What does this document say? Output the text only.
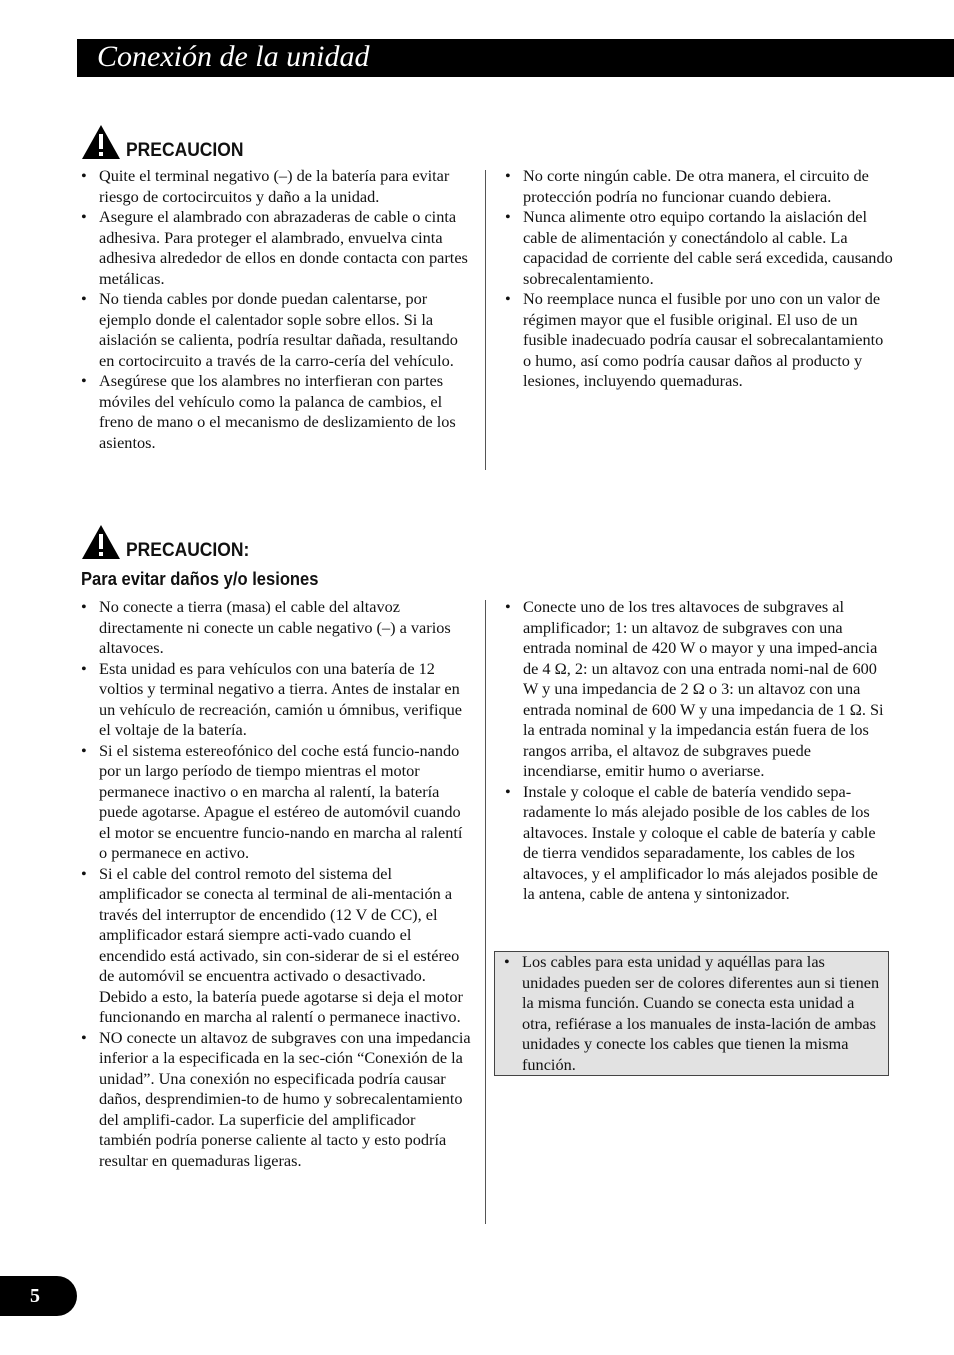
Conexión de la unidad
PRECAUCION
• Quite el terminal negativo (–) de la batería para evitar riesgo de cortocircuitos y daño a la unidad.
• Asegure el alambrado con abrazaderas de cable o cinta adhesiva. Para proteger el alambrado, envuelva cinta adhesiva alrededor de ellos en donde contacta con partes metálicas.
• No tienda cables por donde puedan calentarse, por ejemplo donde el calentador sople sobre ellos. Si la aislación se calienta, podría resultar dañada, resultando en cortocircuito a través de la carro-cería del vehículo.
• Asegúrese que los alambres no interfieran con partes móviles del vehículo como la palanca de cambios, el freno de mano o el mecanismo de deslizamiento de los asientos.
• No corte ningún cable. De otra manera, el circuito de protección podría no funcionar cuando debiera.
• Nunca alimente otro equipo cortando la aislación del cable de alimentación y conectándolo al cable. La capacidad de corriente del cable será excedida, causando sobrecalentamiento.
• No reemplace nunca el fusible por uno con un valor de régimen mayor que el fusible original. El uso de un fusible inadecuado podría causar el sobrecalantamiento o humo, así como podría causar daños al producto y lesiones, incluyendo quemaduras.
PRECAUCION:
Para evitar daños y/o lesiones
• No conecte a tierra (masa) el cable del altavoz directamente ni conecte un cable negativo (–) a varios altavoces.
• Esta unidad es para vehículos con una batería de 12 voltios y terminal negativo a tierra. Antes de instalar en un vehículo de recreación, camión u ómnibus, verifique el voltaje de la batería.
• Si el sistema estereofónico del coche está funcio-nando por un largo período de tiempo mientras el motor permanece inactivo o en marcha al ralentí, la batería puede agotarse. Apague el estéreo de automóvil cuando el motor se encuentre funcio-nando en marcha al ralentí o permanece en activo.
• Si el cable del control remoto del sistema del amplificador se conecta al terminal de ali-mentación a través del interruptor de encendido (12 V de CC), el amplificador estará siempre acti-vado cuando el encendido está activado, sin con-siderar de si el estéreo de automóvil se encuentra activado o desactivado. Debido a esto, la batería puede agotarse si deja el motor funcionando en marcha al ralentí o permanece inactivo.
• NO conecte un altavoz de subgraves con una impedancia inferior a la especificada en la sec-ción “Conexión de la unidad”. Una conexión no especificada podría causar daños, desprendimien-to de humo y sobrecalentamiento del amplifi-cador. La superficie del amplificador también podría ponerse caliente al tacto y esto podría resultar en quemaduras ligeras.
• Conecte uno de los tres altavoces de subgraves al amplificador; 1: un altavoz de subgraves con una entrada nominal de 420 W o mayor y una imped-ancia de 4 Ω, 2: un altavoz con una entrada nomi-nal de 600 W y una impedancia de 2 Ω o 3: un altavoz con una entrada nominal de 600 W y una impedancia de 1 Ω. Si la entrada nominal y la impedancia están fuera de los rangos arriba, el altavoz de subgraves puede incendiarse, emitir humo o averiarse.
• Instale y coloque el cable de batería vendido sepa-radamente lo más alejado posible de los cables de los altavoces. Instale y coloque el cable de batería y cable de tierra vendidos separadamente, los cables de los altavoces, y el amplificador lo más alejados posible de la antena, cable de antena y sintonizador.
• Los cables para esta unidad y aquéllas para las unidades pueden ser de colores diferentes aun si tienen la misma función. Cuando se conecta esta unidad a otra, refiérase a los manuales de insta-lación de ambas unidades y conecte los cables que tienen la misma función.
5
